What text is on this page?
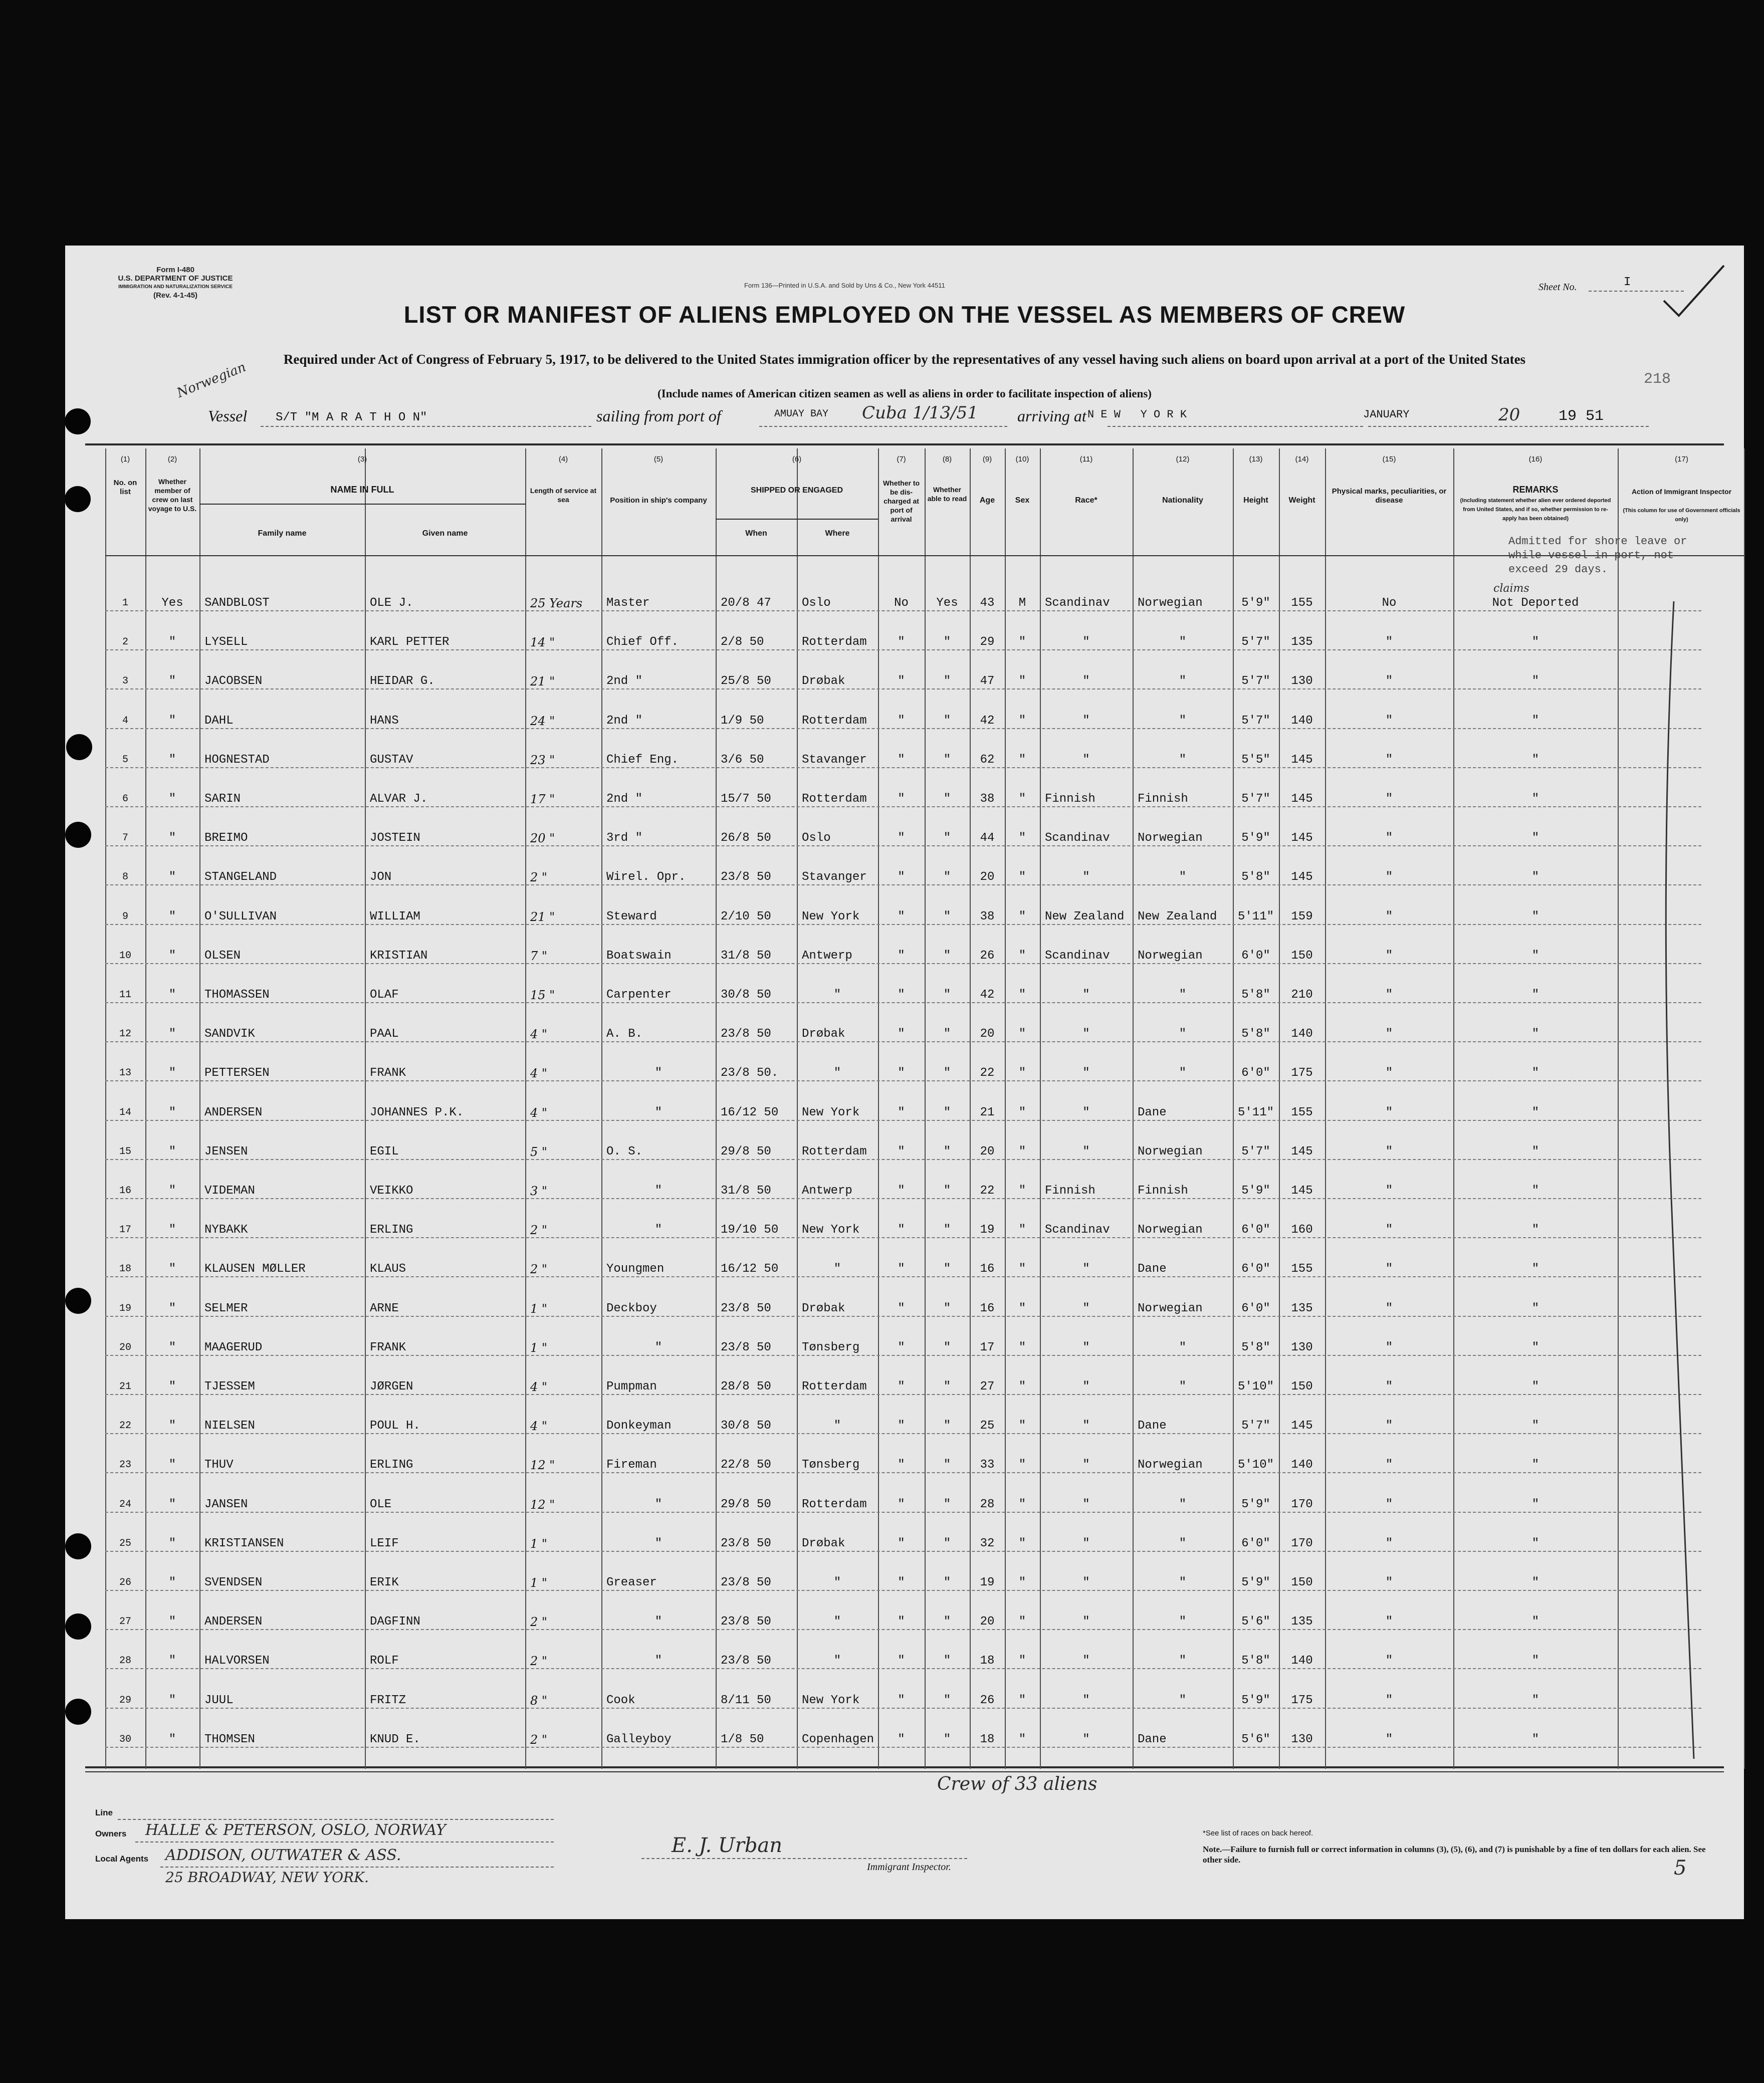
Form I-480
U.S. DEPARTMENT OF JUSTICE
IMMIGRATION AND NATURALIZATION SERVICE
(Rev. 4-1-45)
Form 136—Printed in U.S.A. and Sold by Uns & Co., New York 44511	Sheet No.	I
LIST OR MANIFEST OF ALIENS EMPLOYED ON THE VESSEL AS MEMBERS OF CREW
Required under Act of Congress of February 5, 1917, to be delivered to the United States immigration officer by the representatives of any vessel having such aliens on board upon arrival at a port of the United States
(Include names of American citizen seamen as well as aliens in order to facilitate inspection of aliens)
218
Norwegian
Vessel S/T "M A R A T H O N"	sailing from port of	AMUAY BAY Cuba 1/13/51 arriving at N E W   Y O R K	JANUARY	20	19 51
(1)	(2)	(3)	(4)	(5)	(6)	(7)	(8)	(9)	(10)	(11)	(12)	(13)	(14)	(15)	(16)	(17)
No. on list
Whether member of crew on last voyage to U.S.
NAME IN FULL
Family name	Given name
Length of service at sea	Position in ship's company
SHIPPED OR ENGAGED
When	Where
Whether to be dis-charged at port of arrival
Whether able to read	Age	Sex	Race*	Nationality	Height	Weight
Physical marks, peculiarities, or disease
REMARKS
(Including statement whether alien ever ordered deported from United States, and if so, whether permission to re-apply has been obtained)
Action of Immigrant Inspector
(This column for use of Government officials only)
1	Yes	SANDBLOST	OLE J.	25 Years	Master	20/8 47	Oslo	No	Yes	43	M	Scandinav	Norwegian	5'9"	155	No	Not Deported
2	"	LYSELL	KARL PETTER	14 "	Chief Off.	2/8 50	Rotterdam	"	"	29	"	"	"	5'7"	135	"	"
3	"	JACOBSEN	HEIDAR G.	21 "	2nd "	25/8 50	Drøbak	"	"	47	"	"	"	5'7"	130	"	"
4	"	DAHL	HANS	24 "	2nd "	1/9 50	Rotterdam	"	"	42	"	"	"	5'7"	140	"	"
5	"	HOGNESTAD	GUSTAV	23 "	Chief Eng.	3/6 50	Stavanger	"	"	62	"	"	"	5'5"	145	"	"
6	"	SARIN	ALVAR J.	17 "	2nd "	15/7 50	Rotterdam	"	"	38	"	Finnish	Finnish	5'7"	145	"	"
7	"	BREIMO	JOSTEIN	20 "	3rd "	26/8 50	Oslo	"	"	44	"	Scandinav	Norwegian	5'9"	145	"	"
8	"	STANGELAND	JON	2 "	Wirel. Opr.	23/8 50	Stavanger	"	"	20	"	"	"	5'8"	145	"	"
9	"	O'SULLIVAN	WILLIAM	21 "	Steward	2/10 50	New York	"	"	38	"	New Zealand	New Zealand	5'11"	159	"	"
10	"	OLSEN	KRISTIAN	7 "	Boatswain	31/8 50	Antwerp	"	"	26	"	Scandinav	Norwegian	6'0"	150	"	"
11	"	THOMASSEN	OLAF	15 "	Carpenter	30/8 50	"	"	"	42	"	"	"	5'8"	210	"	"
12	"	SANDVIK	PAAL	4 "	A. B.	23/8 50	Drøbak	"	"	20	"	"	"	5'8"	140	"	"
13	"	PETTERSEN	FRANK	4 "	"	23/8 50.	"	"	"	22	"	"	"	6'0"	175	"	"
14	"	ANDERSEN	JOHANNES P.K.	4 "	"	16/12 50	New York	"	"	21	"	"	Dane	5'11"	155	"	"
15	"	JENSEN	EGIL	5 "	O. S.	29/8 50	Rotterdam	"	"	20	"	"	Norwegian	5'7"	145	"	"
16	"	VIDEMAN	VEIKKO	3 "	"	31/8 50	Antwerp	"	"	22	"	Finnish	Finnish	5'9"	145	"	"
17	"	NYBAKK	ERLING	2 "	"	19/10 50	New York	"	"	19	"	Scandinav	Norwegian	6'0"	160	"	"
18	"	KLAUSEN MØLLER	KLAUS	2 "	Youngmen	16/12 50	"	"	"	16	"	"	Dane	6'0"	155	"	"
19	"	SELMER	ARNE	1 "	Deckboy	23/8 50	Drøbak	"	"	16	"	"	Norwegian	6'0"	135	"	"
20	"	MAAGERUD	FRANK	1 "	"	23/8 50	Tønsberg	"	"	17	"	"	"	5'8"	130	"	"
21	"	TJESSEM	JØRGEN	4 "	Pumpman	28/8 50	Rotterdam	"	"	27	"	"	"	5'10"	150	"	"
22	"	NIELSEN	POUL H.	4 "	Donkeyman	30/8 50	"	"	"	25	"	"	Dane	5'7"	145	"	"
23	"	THUV	ERLING	12 "	Fireman	22/8 50	Tønsberg	"	"	33	"	"	Norwegian	5'10"	140	"	"
24	"	JANSEN	OLE	12 "	"	29/8 50	Rotterdam	"	"	28	"	"	"	5'9"	170	"	"
25	"	KRISTIANSEN	LEIF	1 "	"	23/8 50	Drøbak	"	"	32	"	"	"	6'0"	170	"	"
26	"	SVENDSEN	ERIK	1 "	Greaser	23/8 50	"	"	"	19	"	"	"	5'9"	150	"	"
27	"	ANDERSEN	DAGFINN	2 "	"	23/8 50	"	"	"	20	"	"	"	5'6"	135	"	"
28	"	HALVORSEN	ROLF	2 "	"	23/8 50	"	"	"	18	"	"	"	5'8"	140	"	"
29	"	JUUL	FRITZ	8 "	Cook	8/11 50	New York	"	"	26	"	"	"	5'9"	175	"	"
30	"	THOMSEN	KNUD E.	2 "	Galleyboy	1/8 50	Copenhagen	"	"	18	"	"	Dane	5'6"	130	"	"
Admitted for shore leave or while vessel in port, not exceed 29 days.
claims
Line
Owners HALLE & PETERSON, OSLO, NORWAY
Local Agents ADDISON, OUTWATER & ASS.
25 BROADWAY, NEW YORK.
Crew of 33 aliens
E. J. Urban
Immigrant Inspector.
*See list of races on back hereof.
Note.—Failure to furnish full or correct information in columns (3), (5), (6), and (7) is punishable by a fine of ten dollars for each alien. See other side.	5
